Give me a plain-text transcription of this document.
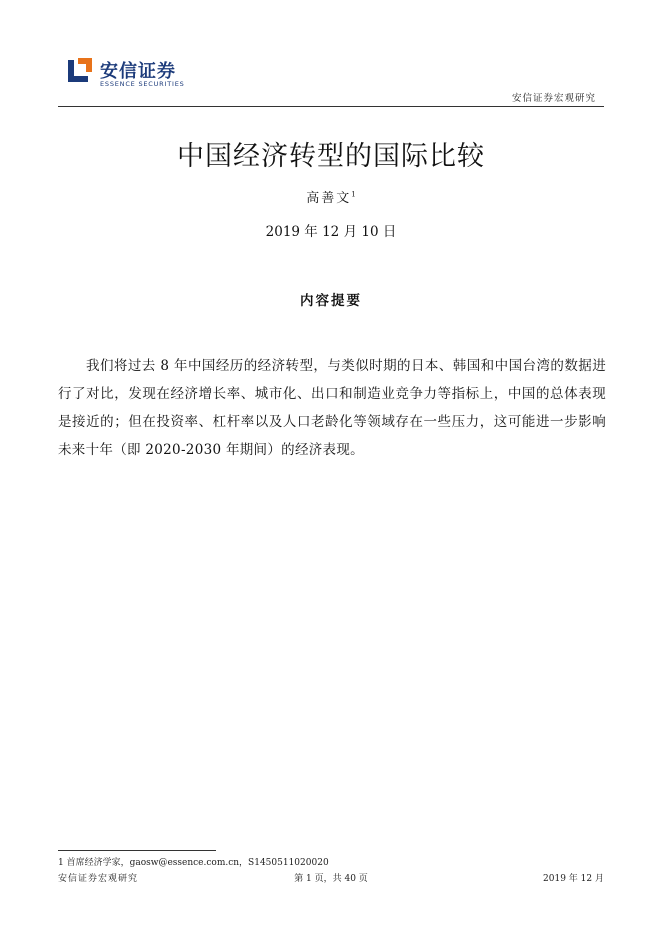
安信证券
ESSENCE SECURITIES
安信证券宏观研究
中国经济转型的国际比较
高善文$^1$
2019 年 12 月 10 日
内容提要

我们将过去 8 年中国经历的经济转型，与类似时期的日本、韩国和中国台湾的数据进行了对比，发现在经济增长率、城市化、出口和制造业竞争力等指标上，中国的总体表现是接近的；但在投资率、杠杆率以及人口老龄化等领域存在一些压力，这可能进一步影响未来十年（即 2020-2030 年期间）的经济表现。

1 首席经济学家，gaosw@essence.com.cn，S1450511020020
安信证券宏观研究	第 1 页，共 40 页	2019 年 12 月
